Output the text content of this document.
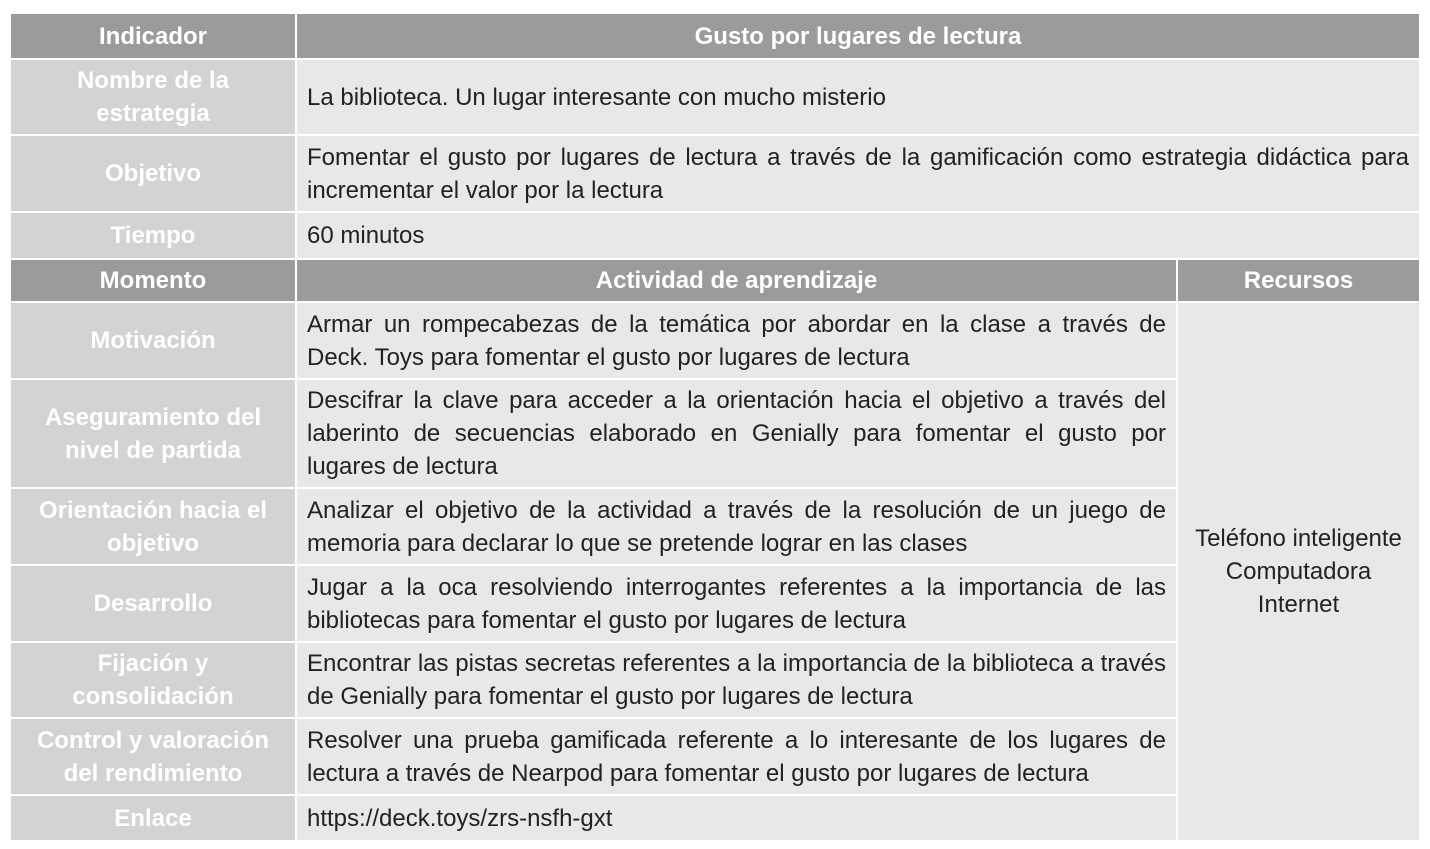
Indicador	Gusto por lugares de lectura	
Nombre de la estrategia	La biblioteca. Un lugar interesante con mucho misterio	
Objetivo	Fomentar el gusto por lugares de lectura a través de la gamificación como estrategia didáctica para incrementar el valor por la lectura	
Tiempo	60 minutos	
Momento	Actividad de aprendizaje	Recursos
Motivación	Armar un rompecabezas de la temática por abordar en la clase a través de Deck. Toys para fomentar el gusto por lugares de lectura	Teléfono inteligente
Computadora
Internet

Aseguramiento del nivel de partida	Descifrar la clave para acceder a la orientación hacia el objetivo a través del laberinto de secuencias elaborado en Genially para fomentar el gusto por lugares de lectura	
Orientación hacia el objetivo	Analizar el objetivo de la actividad a través de la resolución de un juego de memoria para declarar lo que se pretende lograr en las clases	
Desarrollo	Jugar a la oca resolviendo interrogantes referentes a la importancia de las bibliotecas para fomentar el gusto por lugares de lectura	
Fijación y consolidación	Encontrar las pistas secretas referentes a la importancia de la biblioteca a través de Genially para fomentar el gusto por lugares de lectura	
Control y valoración del rendimiento	Resolver una prueba gamificada referente a lo interesante de los lugares de lectura a través de Nearpod para fomentar el gusto por lugares de lectura	
Enlace	https://deck.toys/zrs-nsfh-gxt	
